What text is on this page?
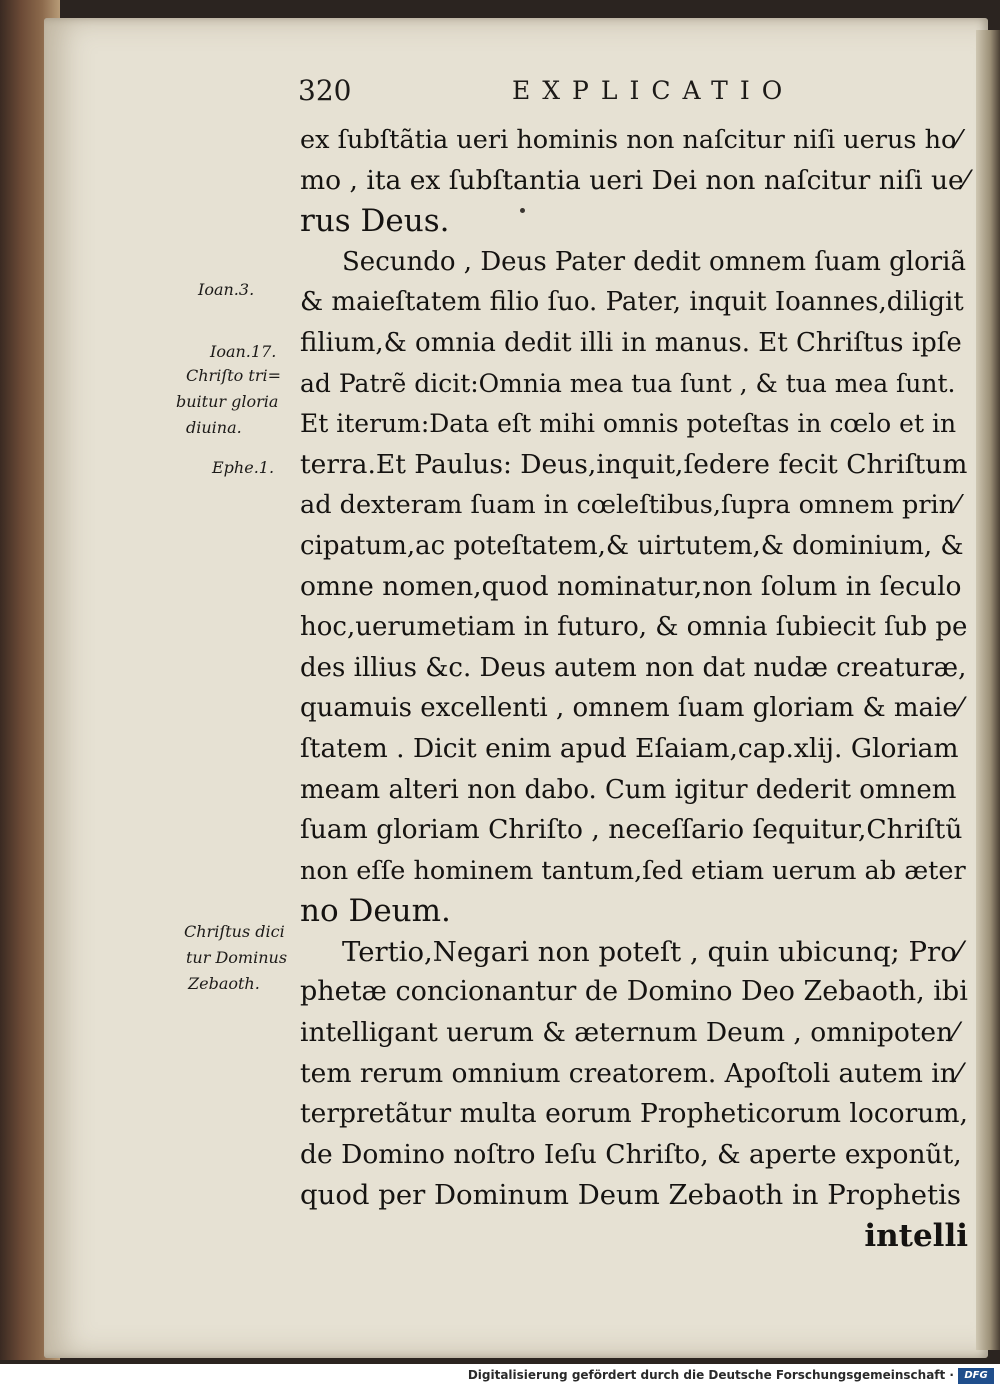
320	EXPLICATIO
ex ſubſtãtia ueri hominis non naſcitur niſi uerus ho⁄
mo , ita ex ſubſtantia ueri Dei non naſcitur niſi ue⁄
rus Deus.
Secundo , Deus Pater dedit omnem ſuam gloriã
& maieſtatem filio ſuo. Pater, inquit Ioannes,diligit
filium,& omnia dedit illi in manus. Et Chriſtus ipſe
ad Patrẽ dicit:Omnia mea tua ſunt , & tua mea ſunt.
Et iterum:Data eſt mihi omnis poteſtas in cœlo et in
terra.Et Paulus: Deus,inquit,ſedere fecit Chriſtum
ad dexteram ſuam in cœleſtibus,ſupra omnem prin⁄
cipatum,ac poteſtatem,& uirtutem,& dominium, &
omne nomen,quod nominatur,non ſolum in ſeculo
hoc,uerumetiam in futuro, & omnia ſubiecit ſub pe
des illius &c. Deus autem non dat nudæ creaturæ,
quamuis excellenti , omnem ſuam gloriam & maie⁄
ſtatem . Dicit enim apud Eſaiam,cap.xlij. Gloriam
meam alteri non dabo. Cum igitur dederit omnem
ſuam gloriam Chriſto , neceſſario ſequitur,Chriſtũ
non eſſe hominem tantum,ſed etiam uerum ab æter
no Deum.
Tertio,Negari non poteſt , quin ubicunq; Pro⁄
phetæ concionantur de Domino Deo Zebaoth, ibi
intelligant uerum & æternum Deum , omnipoten⁄
tem rerum omnium creatorem. Apoſtoli autem in⁄
terpretãtur multa eorum Propheticorum locorum,
de Domino noſtro Ieſu Chriſto, & aperte exponũt,
quod per Dominum Deum Zebaoth in Prophetis
intelli
Ioan.3.
Ioan.17.
Chriſto tri=
buitur gloria
diuina.
Ephe.1.
Chriſtus dici
tur Dominus
Zebaoth.
Digitalisierung gefördert durch die Deutsche Forschungsgemeinschaft ·	DFG
